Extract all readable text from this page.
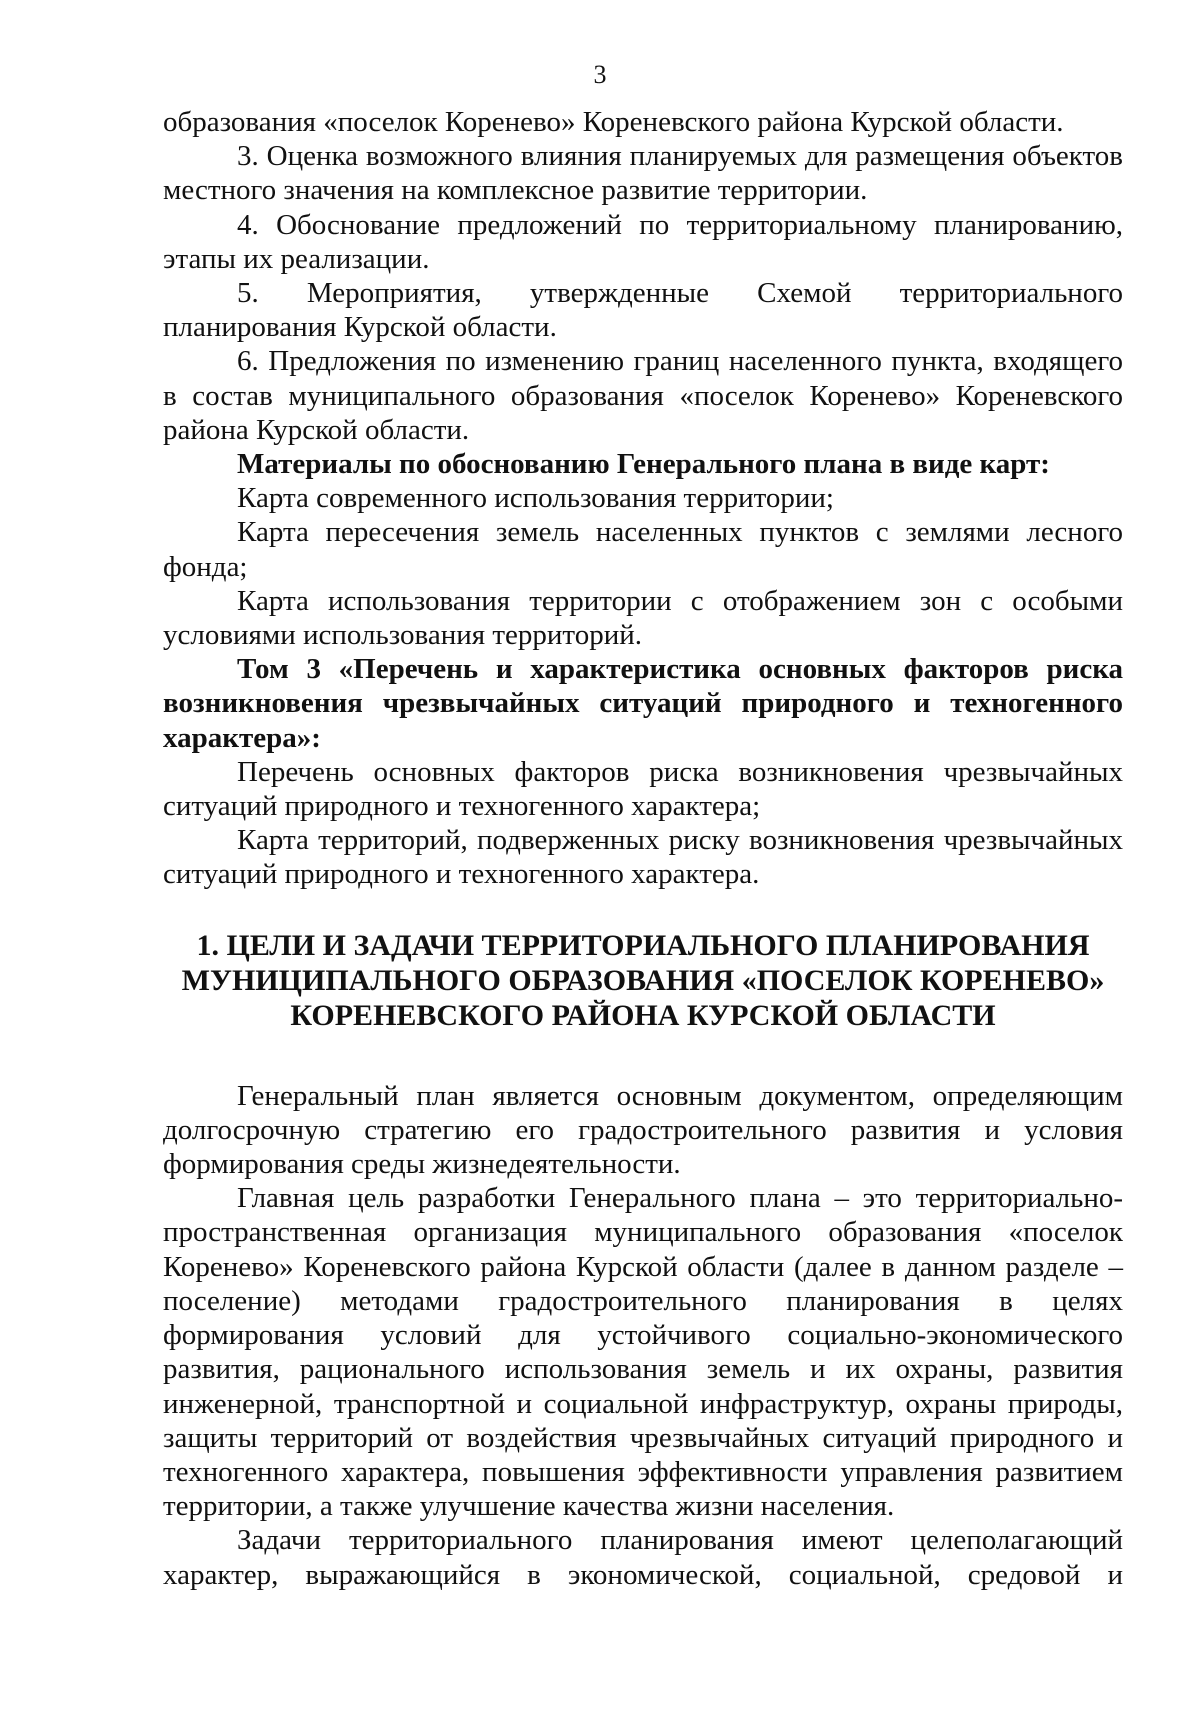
3

образования «поселок Коренево» Кореневского района Курской области.

3. Оценка возможного влияния планируемых для размещения объектов местного значения на комплексное развитие территории.

4. Обоснование предложений по территориальному планированию, этапы их реализации.

5. Мероприятия, утвержденные Схемой территориального планирования Курской области.

6. Предложения по изменению границ населенного пункта, входящего в состав муниципального образования «поселок Коренево» Кореневского района Курской области.

Материалы по обоснованию Генерального плана в виде карт:

Карта современного использования территории;

Карта пересечения земель населенных пунктов с землями лесного фонда;

Карта использования территории с отображением зон с особыми условиями использования территорий.

Том 3 «Перечень и характеристика основных факторов риска возникновения чрезвычайных ситуаций природного и техногенного характера»:

Перечень основных факторов риска возникновения чрезвычайных ситуаций природного и техногенного характера;

Карта территорий, подверженных риску возникновения чрезвычайных ситуаций природного и техногенного характера.

1. ЦЕЛИ И ЗАДАЧИ ТЕРРИТОРИАЛЬНОГО ПЛАНИРОВАНИЯ
МУНИЦИПАЛЬНОГО ОБРАЗОВАНИЯ «ПОСЕЛОК КОРЕНЕВО»
КОРЕНЕВСКОГО РАЙОНА КУРСКОЙ ОБЛАСТИ

Генеральный план является основным документом, определяющим долгосрочную стратегию его градостроительного развития и условия формирования среды жизнедеятельности.

Главная цель разработки Генерального плана – это территориально-пространственная организация муниципального образования «поселок Коренево» Кореневского района Курской области (далее в данном разделе – поселение) методами градостроительного планирования в целях формирования условий для устойчивого социально-экономического развития, рационального использования земель и их охраны, развития инженерной, транспортной и социальной инфраструктур, охраны природы, защиты территорий от воздействия чрезвычайных ситуаций природного и техногенного характера, повышения эффективности управления развитием территории, а также улучшение качества жизни населения.

Задачи территориального планирования имеют целеполагающий характер, выражающийся в экономической, социальной, средовой и
